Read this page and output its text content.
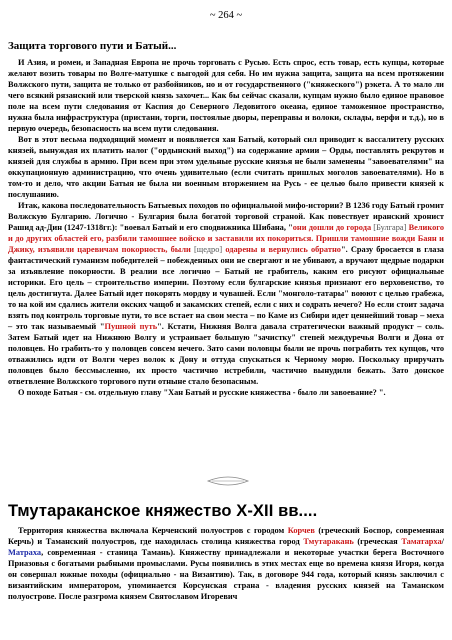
~ 264 ~
Защита торгового пути и Батый...

И Азия, и ромеи, и Западная Европа не прочь торговать с Русью. Есть спрос, есть товар, есть купцы, которые желают возить товары по Волге-матушке с выгодой для себя. Но им нужна защита, защита на всем протяжении Волжского пути, защита не только от разбойников, но и от государственного ("княжеского") рэкета. А то мало ли чего всякий рязанский или тверской князь захочет... Как бы сейчас сказали, купцам нужно было единое правовое поле на всем пути следования от Каспия до Северного Ледовитого океана, единое таможенное пространство, нужна была инфраструктура (пристани, торги, постоялые дворы, переправы и волоки, склады, верфи и т.д.), но в первую очередь, безопасность на всем пути следования.

Вот в этот весьма подходящий момент и появляется хан Батый, который сил приводит к вассалитету русских князей, вынуждая их платить налог ("ордынский выход") на содержание армии – Орды, поставлять рекрутов и князей для службы в армию. При всем при этом удельные русские князья не были заменены "завоевателями" на оккупационную администрацию, что очень удивительно (если считать пришлых моголов завоевателями). Но в том-то и дело, что акции Батыя не была ни военным вторжением на Русь - ее целью было привести князей к послушанию.

Итак, какова последовательность Батыевых походов по официальной мифо-истории? В 1236 году Батый громит Волжскую Булгарию. Логично - Булгария была богатой торговой страной. Как повествует иранский хронист Рашид ад-Дин (1247-1318гг.): "воевал Батый и его сподвижника Шибана, "они дошли до города [Булгара] Великого и до других областей его, разбили тамошнее войско и заставили их покориться. Пришли тамошние вожди Баян и Джику, изъявили царевичам покорность, были [щедро] одарены и вернулись обратно". Сразу бросается в глаза фантастический гуманизм победителей – побежденных они не свергают и не убивают, а вручают щедрые подарки за изъявление покорности. В реалии все логично – Батый не грабитель, каким его рисуют официальные историки. Его цель – строительство империи. Поэтому если булгарские князья признают его верховенство, то цель достигнута. Далее Батый идет покорять мордву и чувашей. Если "монголо-татары" воюют с целью грабежа, то на кой им сдались жители окских чащоб и закамских степей, если с них и содрать нечего? Но если стоит задача взять под контроль торговые пути, то все встает на свои места – по Каме из Сибири идет ценнейший товар – меха – это так называемый "Пушной путь". Кстати, Нижняя Волга давала стратегически важный продукт – соль. Затем Батый идет на Нижнюю Волгу и устраивает большую "зачистку" степей междуречья Волги и Дона от половцев. Но грабить-то у половцев совсем нечего. Зато сами половцы были не прочь пограбить тех купцов, что отважились идти от Волги через волок к Дону и оттуда спускаться к Черному морю. Поскольку приручать половцев было бессмысленно, их просто частично истребили, частично вынудили бежать. Зато донское ответвление Волжского торгового пути отныне стало безопасным.

О походе Батыя - см. отдельную главу "Хан Батый и русские княжества - было ли завоевание? ".

Тмутараканское княжество X-XII вв....

Территория княжества включала Керченский полуостров с городом Корчев (греческий Боспор, современная Керчь) и Таманский полуостров, где находилась столица княжества город Тмутаракань (греческая Таматарха/Матраха, современная - станица Тамань). Княжеству принадлежали и некоторые участки берега Восточного Приазовья с богатыми рыбными промыслами. Русы появились в этих местах еще во времена князя Игоря, когда он совершал южные походы (официально - на Византию). Так, в договоре 944 года, который князь заключил с византийским императором, упоминается Корсунская страна - владения русских князей на Таманском полуострове. После разгрома князем Святославом Игоревич
